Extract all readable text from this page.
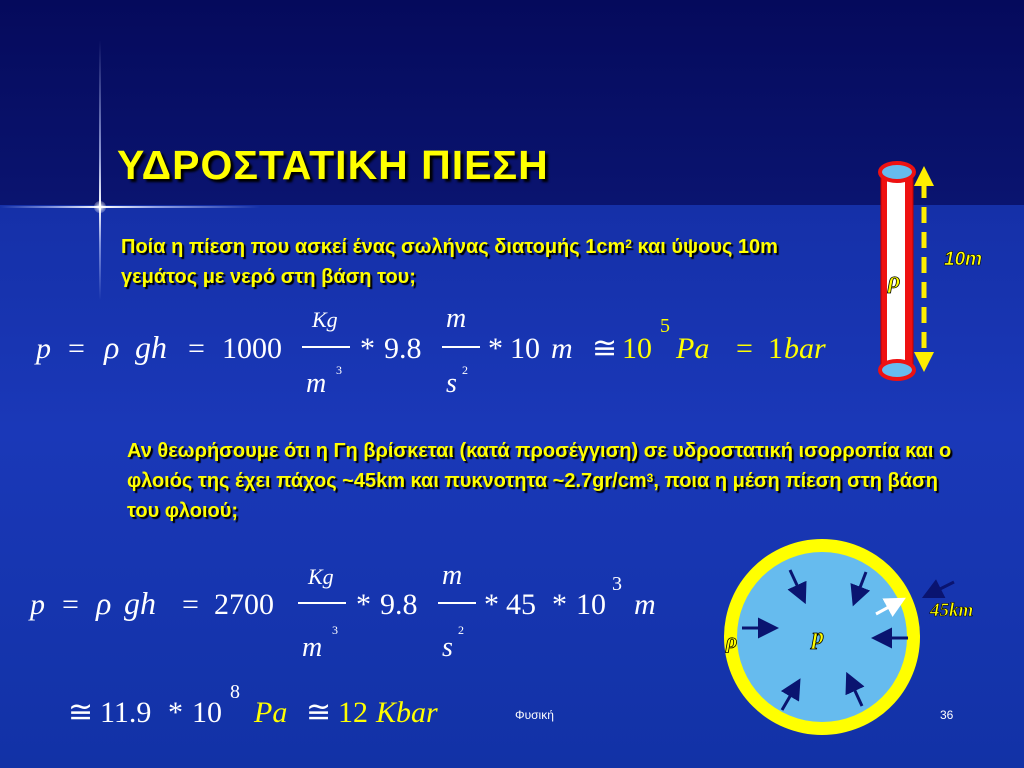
ΥΔΡΟΣΤΑΤΙΚΗ ΠΙΕΣΗ

Ποία η πίεση που ασκεί ένας σωλήνας διατομής $1cm^2$ και ύψους 10m γεμάτος με νερό στη βάση του;

p = ρ gh = 1000
Kg
m 3
* 9.8
m
s 2
* 10 m ≅ 10
5
Pa = 1 bar

Αν θεωρήσουμε ότι η Γη βρίσκεται (κατά προσέγγιση) σε υδροστατική ισορροπία και ο φλοιός της έχει πάχος ~45km και πυκνοτητα $\sim 2.7gr/cm^3$, ποια η μέση πίεση στη βάση του φλοιού;

p = ρ gh = 2700
Kg
m
3
* 9.8
m
s
2
* 45 * 10
3
m
≅ 11.9 * 10
8
Pa ≅ 12 Kbar
10m
ρ
45km
ρ	p
Φυσική	36
